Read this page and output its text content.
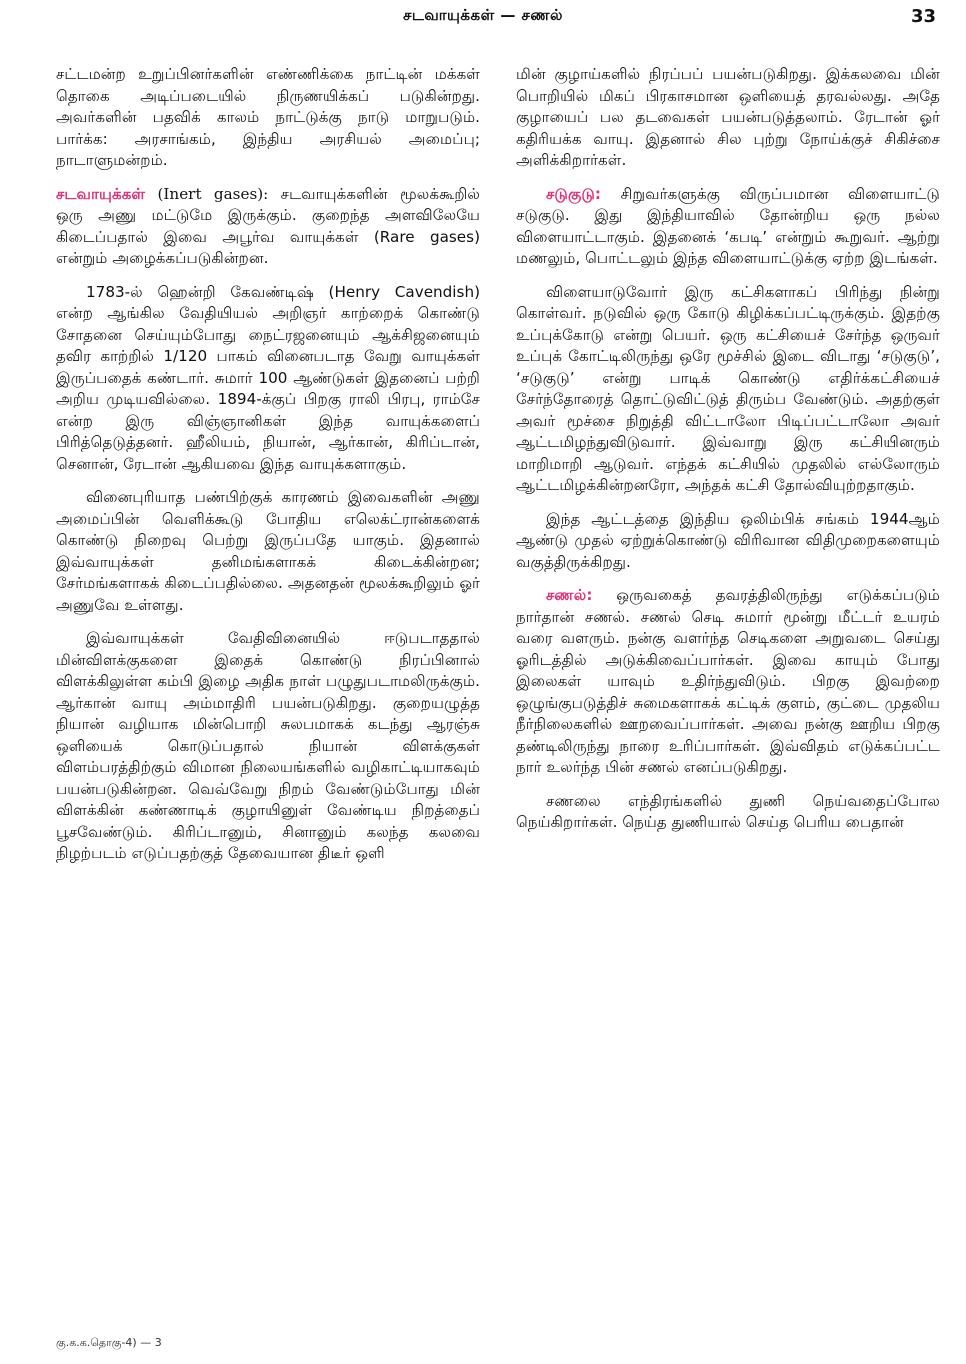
சடவாயுக்கள் — சணல்	33

சட்டமன்ற உறுப்பினர்களின் எண்ணிக்கை நாட்டின் மக்கள் தொகை அடிப்படையில் நிருணயிக்கப் படுகின்றது. அவர்களின் பதவிக் காலம் நாட்டுக்கு நாடு மாறுபடும். பார்க்க: அரசாங்கம், இந்திய அரசியல் அமைப்பு; நாடாளுமன்றம்.

சடவாயுக்கள் (Inert gases): சடவாயுக்களின் மூலக்கூறில் ஒரு அணு மட்டுமே இருக்கும். குறைந்த அளவிலேயே கிடைப்பதால் இவை அபூர்வ வாயுக்கள் (Rare gases) என்றும் அழைக்கப்படுகின்றன.

1783-ல் ஹென்றி கேவண்டிஷ் (Henry Cavendish) என்ற ஆங்கில வேதியியல் அறிஞர் காற்றைக் கொண்டு சோதனை செய்யும்போது நைட்ரஜனையும் ஆக்சிஜனையும் தவிர காற்றில் 1/120 பாகம் வினைபடாத வேறு வாயுக்கள் இருப்பதைக் கண்டார். சுமார் 100 ஆண்டுகள் இதனைப் பற்றி அறிய முடியவில்லை. 1894-க்குப் பிறகு ராலி பிரபு, ராம்சே என்ற இரு விஞ்ஞானிகள் இந்த வாயுக்களைப் பிரித்தெடுத்தனர். ஹீலியம், நியான், ஆர்கான், கிரிப்டான், செனான், ரேடான் ஆகியவை இந்த வாயுக்களாகும்.

வினைபுரியாத பண்பிற்குக் காரணம் இவைகளின் அணு அமைப்பின் வெளிக்கூடு போதிய எலெக்ட்ரான்களைக் கொண்டு நிறைவு பெற்று இருப்பதே யாகும். இதனால் இவ்வாயுக்கள் தனிமங்களாகக் கிடைக்கின்றன; சேர்மங்களாகக் கிடைப்பதில்லை. அதனதன் மூலக்கூறிலும் ஓர் அணுவே உள்ளது.

இவ்வாயுக்கள் வேதிவினையில் ஈடுபடாததால் மின்விளக்குகளை இதைக் கொண்டு நிரப்பினால் விளக்கிலுள்ள கம்பி இழை அதிக நாள் பழுதுபடாமலிருக்கும். ஆர்கான் வாயு அம்மாதிரி பயன்படுகிறது. குறையழுத்த நியான் வழியாக மின்பொறி சுலபமாகக் கடந்து ஆரஞ்சு ஒளியைக் கொடுப்பதால் நியான் விளக்குகள் விளம்பரத்திற்கும் விமான நிலையங்களில் வழிகாட்டியாகவும் பயன்படுகின்றன. வெவ்வேறு நிறம் வேண்டும்போது மின் விளக்கின் கண்ணாடிக் குழாயினுள் வேண்டிய நிறத்தைப் பூசவேண்டும். கிரிப்டானும், சினானும் கலந்த கலவை நிழற்படம் எடுப்பதற்குத் தேவையான திடீர் ஒளி

மின் குழாய்களில் நிரப்பப் பயன்படுகிறது. இக்கலவை மின் பொறியில் மிகப் பிரகாசமான ஒளியைத் தரவல்லது. அதே குழாயைப் பல தடவைகள் பயன்படுத்தலாம். ரேடான் ஓர் கதிரியக்க வாயு. இதனால் சில புற்று நோய்க்குச் சிகிச்சை அளிக்கிறார்கள்.

சடுகுடு: சிறுவர்களுக்கு விருப்பமான விளையாட்டு சடுகுடு. இது இந்தியாவில் தோன்றிய ஒரு நல்ல விளையாட்டாகும். இதனைக் ‘கபடி’ என்றும் கூறுவர். ஆற்று மணலும், பொட்டலும் இந்த விளையாட்டுக்கு ஏற்ற இடங்கள்.

விளையாடுவோர் இரு கட்சிகளாகப் பிரிந்து நின்று கொள்வர். நடுவில் ஒரு கோடு கிழிக்கப்பட்டிருக்கும். இதற்கு உப்புக்கோடு என்று பெயர். ஒரு கட்சியைச் சேர்ந்த ஒருவர் உப்புக் கோட்டிலிருந்து ஒரே மூச்சில் இடை விடாது ‘சடுகுடு’, ‘சடுகுடு’ என்று பாடிக் கொண்டு எதிர்க்கட்சியைச் சேர்ந்தோரைத் தொட்டுவிட்டுத் திரும்ப வேண்டும். அதற்குள் அவர் மூச்சை நிறுத்தி விட்டாலோ பிடிப்பட்டாலோ அவர் ஆட்டமிழந்துவிடுவார். இவ்வாறு இரு கட்சியினரும் மாறிமாறி ஆடுவர். எந்தக் கட்சியில் முதலில் எல்லோரும் ஆட்டமிழக்கின்றனரோ, அந்தக் கட்சி தோல்வியுற்றதாகும்.

இந்த ஆட்டத்தை இந்திய ஒலிம்பிக் சங்கம் 1944ஆம் ஆண்டு முதல் ஏற்றுக்கொண்டு விரிவான விதிமுறைகளையும் வகுத்திருக்கிறது.

சணல்: ஒருவகைத் தவரத்திலிருந்து எடுக்கப்படும் நார்தான் சணல். சணல் செடி சுமார் மூன்று மீட்டர் உயரம் வரை வளரும். நன்கு வளர்ந்த செடிகளை அறுவடை செய்து ஓரிடத்தில் அடுக்கிவைப்பார்கள். இவை காயும் போது இலைகள் யாவும் உதிர்ந்துவிடும். பிறகு இவற்றை ஒழுங்குபடுத்திச் சுமைகளாகக் கட்டிக் குளம், குட்டை முதலிய நீர்நிலைகளில் ஊறவைப்பார்கள். அவை நன்கு ஊறிய பிறகு தண்டிலிருந்து நாரை உரிப்பார்கள். இவ்விதம் எடுக்கப்பட்ட நார் உலர்ந்த பின் சணல் எனப்படுகிறது.

சணலை எந்திரங்களில் துணி நெய்வதைப்போல நெய்கிறார்கள். நெய்த துணியால் செய்த பெரிய பைதான்

கு.க.க.தொகு-4) — 3
